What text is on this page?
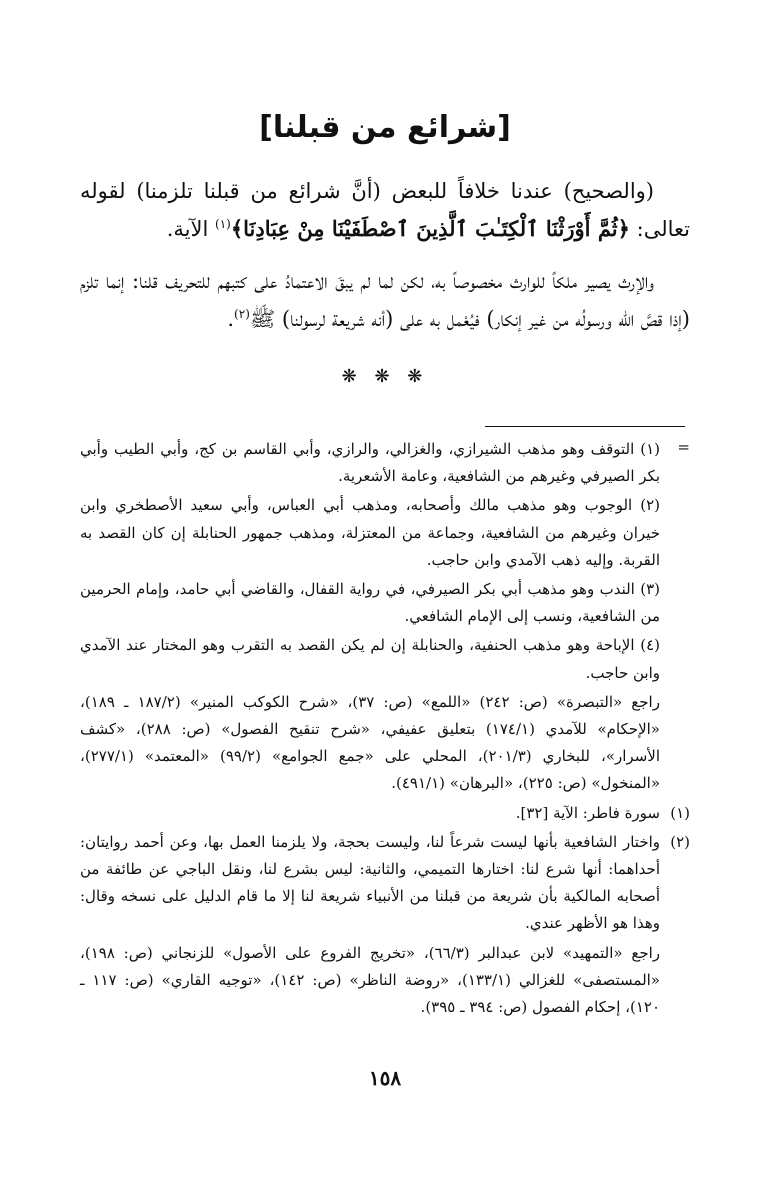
[شرائع من قبلنا]

(والصحيح) عندنا خلافاً للبعض (أنَّ شرائع من قبلنا تلزمنا) لقوله تعالى: ﴿ثُمَّ أَوْرَثْنَا ٱلْكِتَـٰبَ ٱلَّذِينَ ٱصْطَفَيْنَا مِنْ عِبَادِنَا﴾$^{(١)}$ الآية.

والإرث يصير ملكاً للوارث مخصوصاً به، لكن لما لم يبقَ الاعتمادُ على كتبهم للتحريف قلنا: إنما تلزم (إذا قصَّ الله ورسولُه من غير إنكار) فيُعْمل به على (أنه شريعة لرسولنا) ﷺ$^{(٢)}$.

❋ ❋ ❋
=
(١) التوقف وهو مذهب الشيرازي، والغزالي، والرازي، وأبي القاسم بن كج، وأبي الطيب وأبي بكر الصيرفي وغيرهم من الشافعية، وعامة الأشعرية.
(٢) الوجوب وهو مذهب مالك وأصحابه، ومذهب أبي العباس، وأبي سعيد الأصطخري وابن خيران وغيرهم من الشافعية، وجماعة من المعتزلة، ومذهب جمهور الحنابلة إن كان القصد به القربة. وإليه ذهب الآمدي وابن حاجب.
(٣) الندب وهو مذهب أبي بكر الصيرفي، في رواية القفال، والقاضي أبي حامد، وإمام الحرمين من الشافعية، ونسب إلى الإمام الشافعي.
(٤) الإباحة وهو مذهب الحنفية، والحنابلة إن لم يكن القصد به التقرب وهو المختار عند الآمدي وابن حاجب.
راجع «التبصرة» (ص: ٢٤٢) «اللمع» (ص: ٣٧)، «شرح الكوكب المنير» (١٨٧/٢ ـ ١٨٩)، «الإحكام» للآمدي (١٧٤/١) بتعليق عفيفي، «شرح تنقيح الفصول» (ص: ٢٨٨)، «كشف الأسرار»، للبخاري (٢٠١/٣)، المحلي على «جمع الجوامع» (٩٩/٢) «المعتمد» (٢٧٧/١)، «المنخول» (ص: ٢٢٥)، «البرهان» (٤٩١/١).
(١)
سورة فاطر: الآية [٣٢].
(٢)
واختار الشافعية بأنها ليست شرعاً لنا، وليست بحجة، ولا يلزمنا العمل بها، وعن أحمد روايتان: أحداهما: أنها شرع لنا: اختارها التميمي، والثانية: ليس بشرع لنا، ونقل الباجي عن طائفة من أصحابه المالكية بأن شريعة من قبلنا من الأنبياء شريعة لنا إلا ما قام الدليل على نسخه وقال: وهذا هو الأظهر عندي.
راجع «التمهيد» لابن عبدالبر (٦٦/٣)، «تخريج الفروع على الأصول» للزنجاني (ص: ١٩٨)، «المستصفى» للغزالي (١٣٣/١)، «روضة الناظر» (ص: ١٤٢)، «توجيه القاري» (ص: ١١٧ ـ ١٢٠)، إحكام الفصول (ص: ٣٩٤ ـ ٣٩٥).
١٥٨
